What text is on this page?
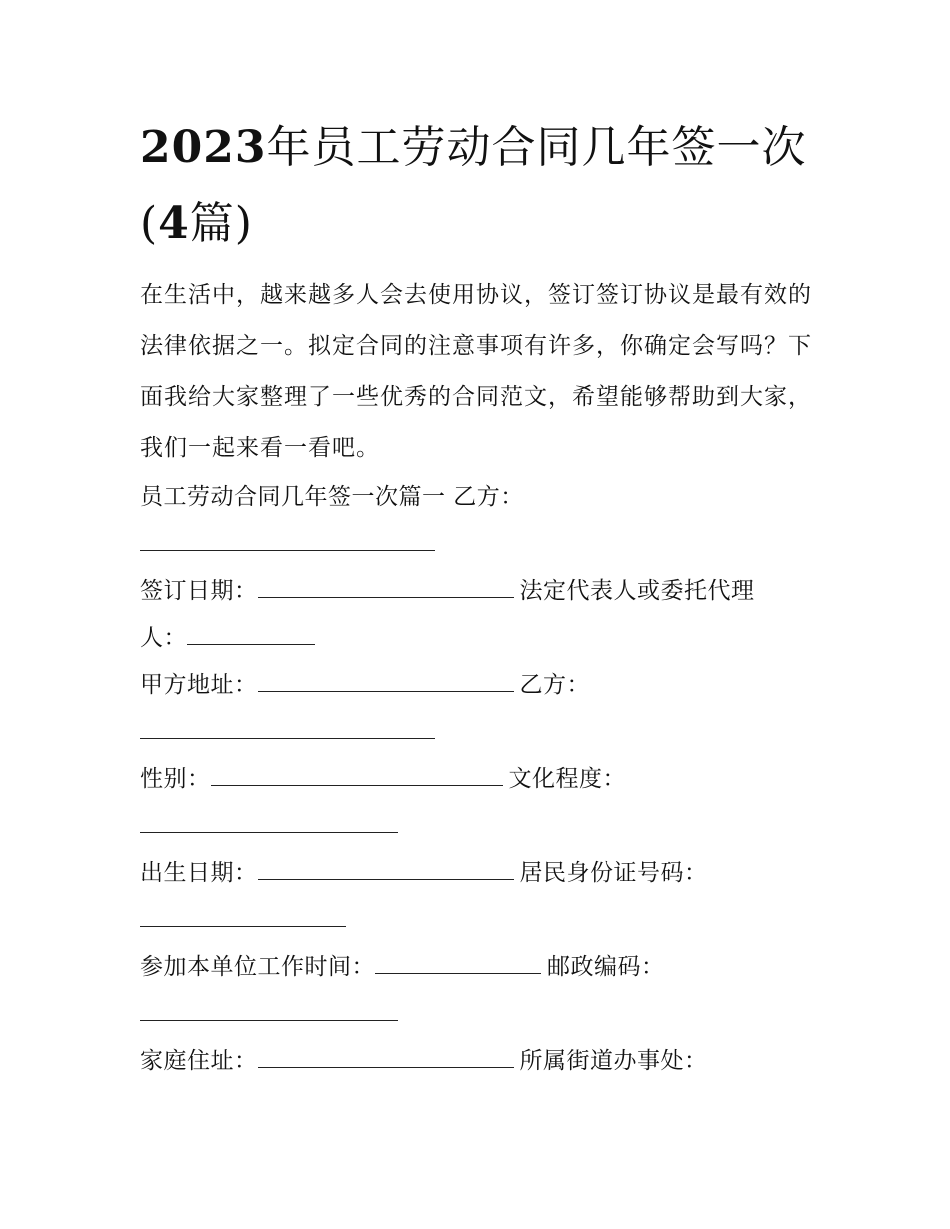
2023年员工劳动合同几年签一次(4篇)

在生活中，越来越多人会去使用协议，签订签订协议是最有效的法律依据之一。拟定合同的注意事项有许多，你确定会写吗？下面我给大家整理了一些优秀的合同范文，希望能够帮助到大家，我们一起来看一看吧。

员工劳动合同几年签一次篇一 乙方：

签订日期：	法定代表人或委托代理

人：

甲方地址：	乙方：

性别：	文化程度：

出生日期：	居民身份证号码：

参加本单位工作时间：	邮政编码：

家庭住址：	所属街道办事处：
